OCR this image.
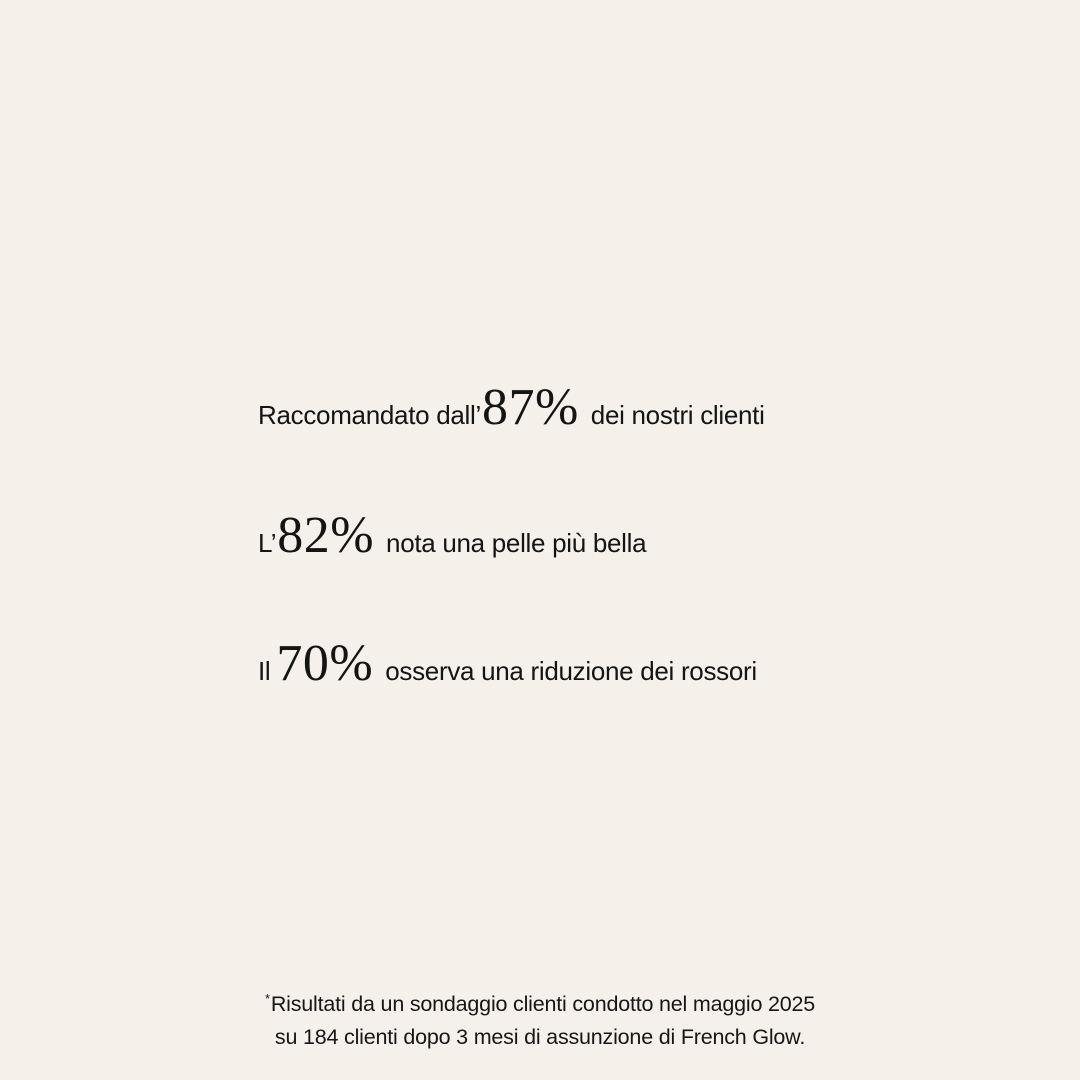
Raccomandato dall’ 87% dei nostri clienti
L’ 82% nota una pelle più bella
Il 70% osserva una riduzione dei rossori
*Risultati da un sondaggio clienti condotto nel maggio 2025
su 184 clienti dopo 3 mesi di assunzione di French Glow.
